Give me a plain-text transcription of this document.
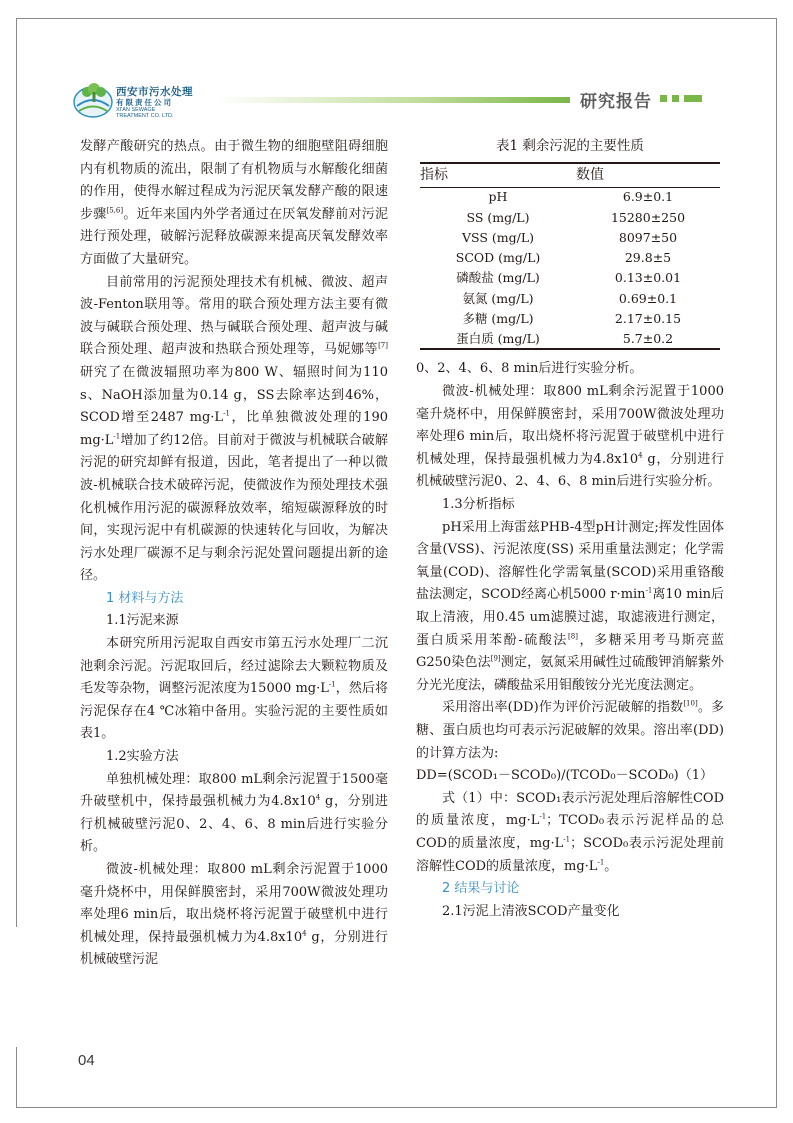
西安市污水处理
有限责任公司
XI'AN SEWAGE
TREATMENT CO. LTD.
研究报告

发酵产酸研究的热点。由于微生物的细胞壁阻碍细胞内有机物质的流出，限制了有机物质与水解酸化细菌的作用，使得水解过程成为污泥厌氧发酵产酸的限速步骤[5,6]。近年来国内外学者通过在厌氧发酵前对污泥进行预处理，破解污泥释放碳源来提高厌氧发酵效率方面做了大量研究。

目前常用的污泥预处理技术有机械、微波、超声波-Fenton联用等。常用的联合预处理方法主要有微波与碱联合预处理、热与碱联合预处理、超声波与碱联合预处理、超声波和热联合预处理等，马妮娜等[7]研究了在微波辐照功率为800 W、辐照时间为110 s、NaOH添加量为0.14 g，SS去除率达到46%，SCOD增至2487 $mg\cdot L^{-1}$，比单独微波处理的190 $mg\cdot L^{-1}$增加了约12倍。目前对于微波与机械联合破解污泥的研究却鲜有报道，因此，笔者提出了一种以微波-机械联合技术破碎污泥，使微波作为预处理技术强化机械作用污泥的碳源释放效率，缩短碳源释放的时间，实现污泥中有机碳源的快速转化与回收，为解决污水处理厂碳源不足与剩余污泥处置问题提出新的途径。

1 材料与方法

1.1污泥来源

本研究所用污泥取自西安市第五污水处理厂二沉池剩余污泥。污泥取回后，经过滤除去大颗粒物质及毛发等杂物，调整污泥浓度为15000 $mg\cdot L^{-1}$，然后将污泥保存在4 ℃冰箱中备用。实验污泥的主要性质如表1。

1.2实验方法

单独机械处理：取800 mL剩余污泥置于1500毫升破壁机中，保持最强机械力为$4.8x10^4$ g，分别进行机械破壁污泥0、2、4、6、8 min后进行实验分析。

微波-机械处理：取800 mL剩余污泥置于1000毫升烧杯中，用保鲜膜密封，采用700W微波处理功率处理6 min后，取出烧杯将污泥置于破壁机中进行机械处理，保持最强机械力为$4.8x10^4$ g，分别进行机械破壁污泥

表1 剩余污泥的主要性质
指标	数值
pH	6.9±0.1
SS (mg/L)	15280±250
VSS (mg/L)	8097±50
SCOD (mg/L)	29.8±5
磷酸盐 (mg/L)	0.13±0.01
氨氮 (mg/L)	0.69±0.1
多糖 (mg/L)	2.17±0.15
蛋白质 (mg/L)	5.7±0.2

0、2、4、6、8 min后进行实验分析。

微波-机械处理：取800 mL剩余污泥置于1000毫升烧杯中，用保鲜膜密封，采用700W微波处理功率处理6 min后，取出烧杯将污泥置于破壁机中进行机械处理，保持最强机械力为$4.8x10^4$ g，分别进行机械破壁污泥0、2、4、6、8 min后进行实验分析。

1.3分析指标

pH采用上海雷兹PHB-4型pH计测定;挥发性固体含量(VSS)、污泥浓度(SS) 采用重量法测定；化学需氧量(COD)、溶解性化学需氧量(SCOD)采用重铬酸盐法测定，SCOD经离心机5000 $r\cdot\min^{-1}$离10 min后取上清液，用0.45 um滤膜过滤，取滤液进行测定，蛋白质采用苯酚-硫酸法[8]，多糖采用考马斯亮蓝G250染色法[9]测定，氨氮采用碱性过硫酸钾消解紫外分光光度法，磷酸盐采用钼酸铵分光光度法测定。

采用溶出率(DD)作为评价污泥破解的指数[10]。多糖、蛋白质也均可表示污泥破解的效果。溶出率(DD)的计算方法为:

DD=(SCOD₁－SCOD₀)/(TCOD₀－SCOD₀)（1）

式（1）中：SCOD₁表示污泥处理后溶解性COD的质量浓度，$mg\cdot L^{-1}$；TCOD₀表示污泥样品的总COD的质量浓度，$mg\cdot L^{-1}$；SCOD₀表示污泥处理前溶解性COD的质量浓度，$mg\cdot L^{-1}$。

2 结果与讨论

2.1污泥上清液SCOD产量变化

04
